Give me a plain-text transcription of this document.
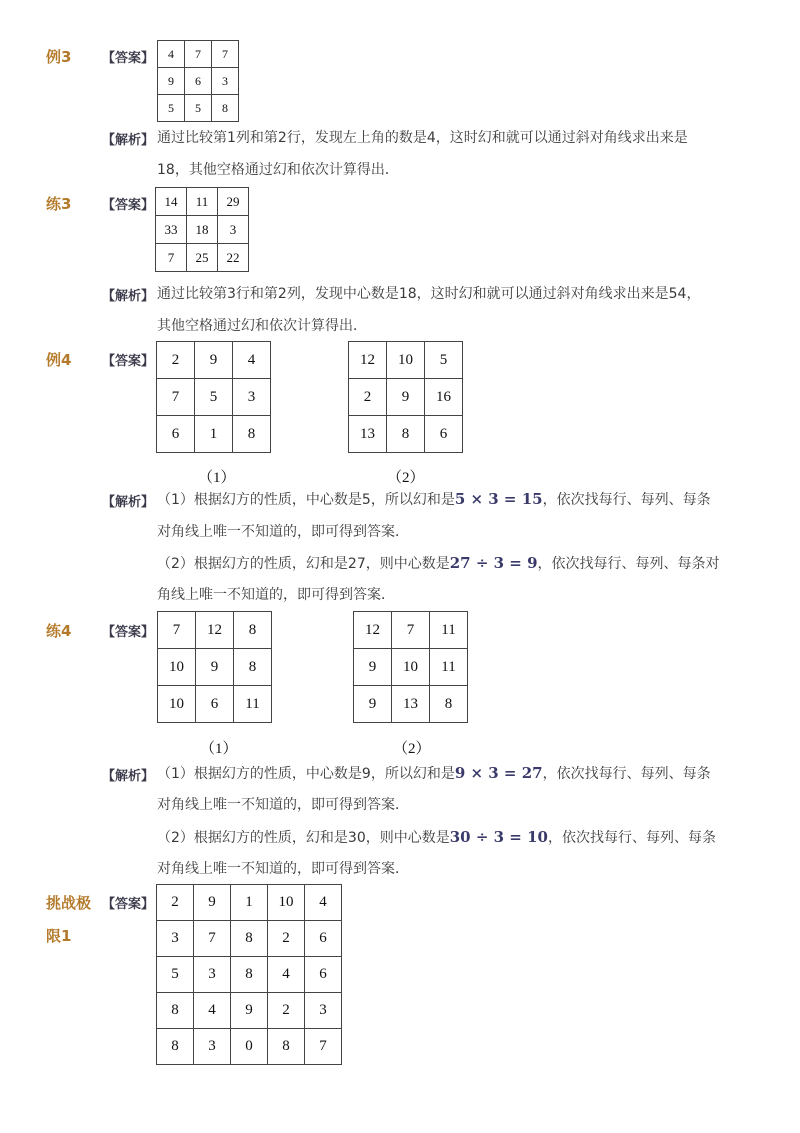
例3 【答案】 4	7	7
9	6	3
5	5	8
【解析】 通过比较第1列和第2行，发现左上角的数是4，这时幻和就可以通过斜对角线求出来是
18，其他空格通过幻和依次计算得出．
练3 【答案】 14	11	29
33	18	3
7	25	22
【解析】 通过比较第3行和第2列，发现中心数是18，这时幻和就可以通过斜对角线求出来是54，
其他空格通过幻和依次计算得出．
例4 【答案】 2	9	4
7	5	3
6	1	8
12	10	5
2	9	16
13	8	6
（1）	（2）
【解析】 （1）根据幻方的性质，中心数是5，所以幻和是5 × 3 = 15，依次找每行、每列、每条
对角线上唯一不知道的，即可得到答案．
（2）根据幻方的性质，幻和是27，则中心数是27 ÷ 3 = 9，依次找每行、每列、每条对
角线上唯一不知道的，即可得到答案．
练4 【答案】 7	12	8
10	9	8
10	6	11
12	7	11
9	10	11
9	13	8
（1）	（2）
【解析】 （1）根据幻方的性质，中心数是9，所以幻和是9 × 3 = 27，依次找每行、每列、每条
对角线上唯一不知道的，即可得到答案．
（2）根据幻方的性质，幻和是30，则中心数是30 ÷ 3 = 10，依次找每行、每列、每条
对角线上唯一不知道的，即可得到答案．
挑战极
限1
【答案】 2	9	1	10	4
3	7	8	2	6
5	3	8	4	6
8	4	9	2	3
8	3	0	8	7
